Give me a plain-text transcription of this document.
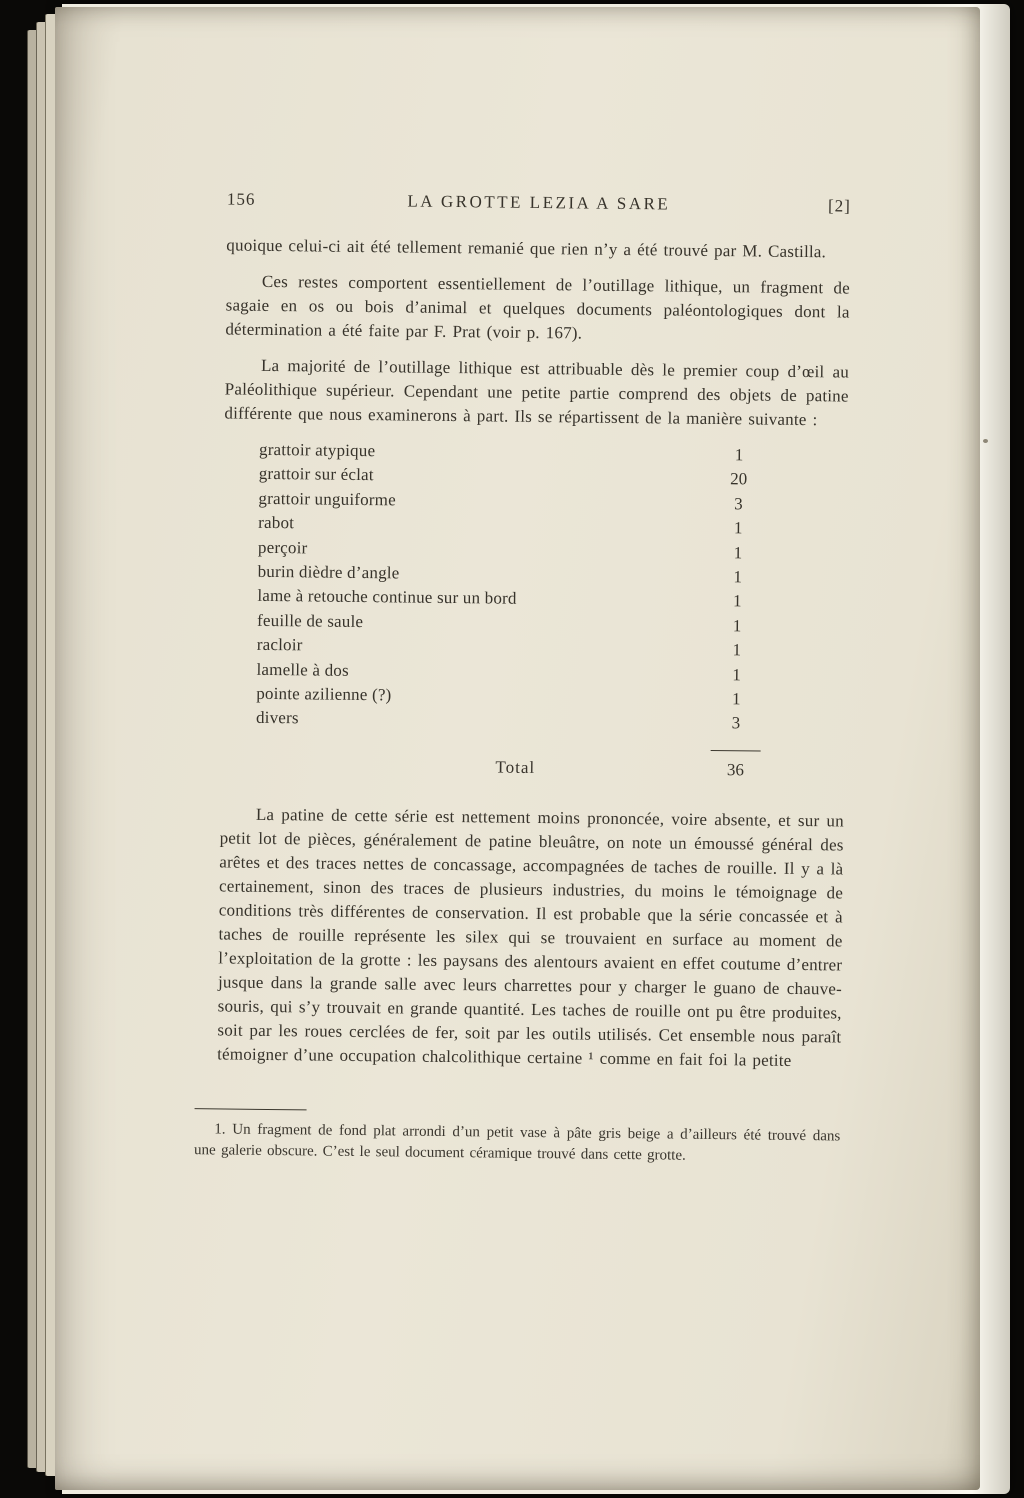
156	LA GROTTE LEZIA A SARE	[2]

quoique celui-ci ait été tellement remanié que rien n’y a été trouvé par M. Castilla.

Ces restes comportent essentiellement de l’outillage lithique, un fragment de sagaie en os ou bois d’animal et quelques documents paléontologiques dont la détermination a été faite par F. Prat (voir p. 167).

La majorité de l’outillage lithique est attribuable dès le premier coup d’œil au Paléolithique supérieur. Cependant une petite partie comprend des objets de patine différente que nous examinerons à part. Ils se répartissent de la manière suivante :

grattoir atypique	1
grattoir sur éclat	20
grattoir unguiforme	3
rabot	1
perçoir	1
burin dièdre d’angle	1
lame à retouche continue sur un bord	1
feuille de saule	1
racloir	1
lamelle à dos	1
pointe azilienne (?)	1
divers	3
Total	36

La patine de cette série est nettement moins prononcée, voire absente, et sur un petit lot de pièces, généralement de patine bleuâtre, on note un émoussé général des arêtes et des traces nettes de concassage, accompagnées de taches de rouille. Il y a là certainement, sinon des traces de plusieurs industries, du moins le témoignage de conditions très différentes de conservation. Il est probable que la série concassée et à taches de rouille représente les silex qui se trouvaient en surface au moment de l’exploitation de la grotte : les paysans des alentours avaient en effet coutume d’entrer jusque dans la grande salle avec leurs charrettes pour y charger le guano de chauve-souris, qui s’y trouvait en grande quantité. Les taches de rouille ont pu être produites, soit par les roues cerclées de fer, soit par les outils utilisés. Cet ensemble nous paraît témoigner d’une occupation chalcolithique certaine ¹ comme en fait foi la petite

1. Un fragment de fond plat arrondi d’un petit vase à pâte gris beige a d’ailleurs été trouvé dans une galerie obscure. C’est le seul document céramique trouvé dans cette grotte.
